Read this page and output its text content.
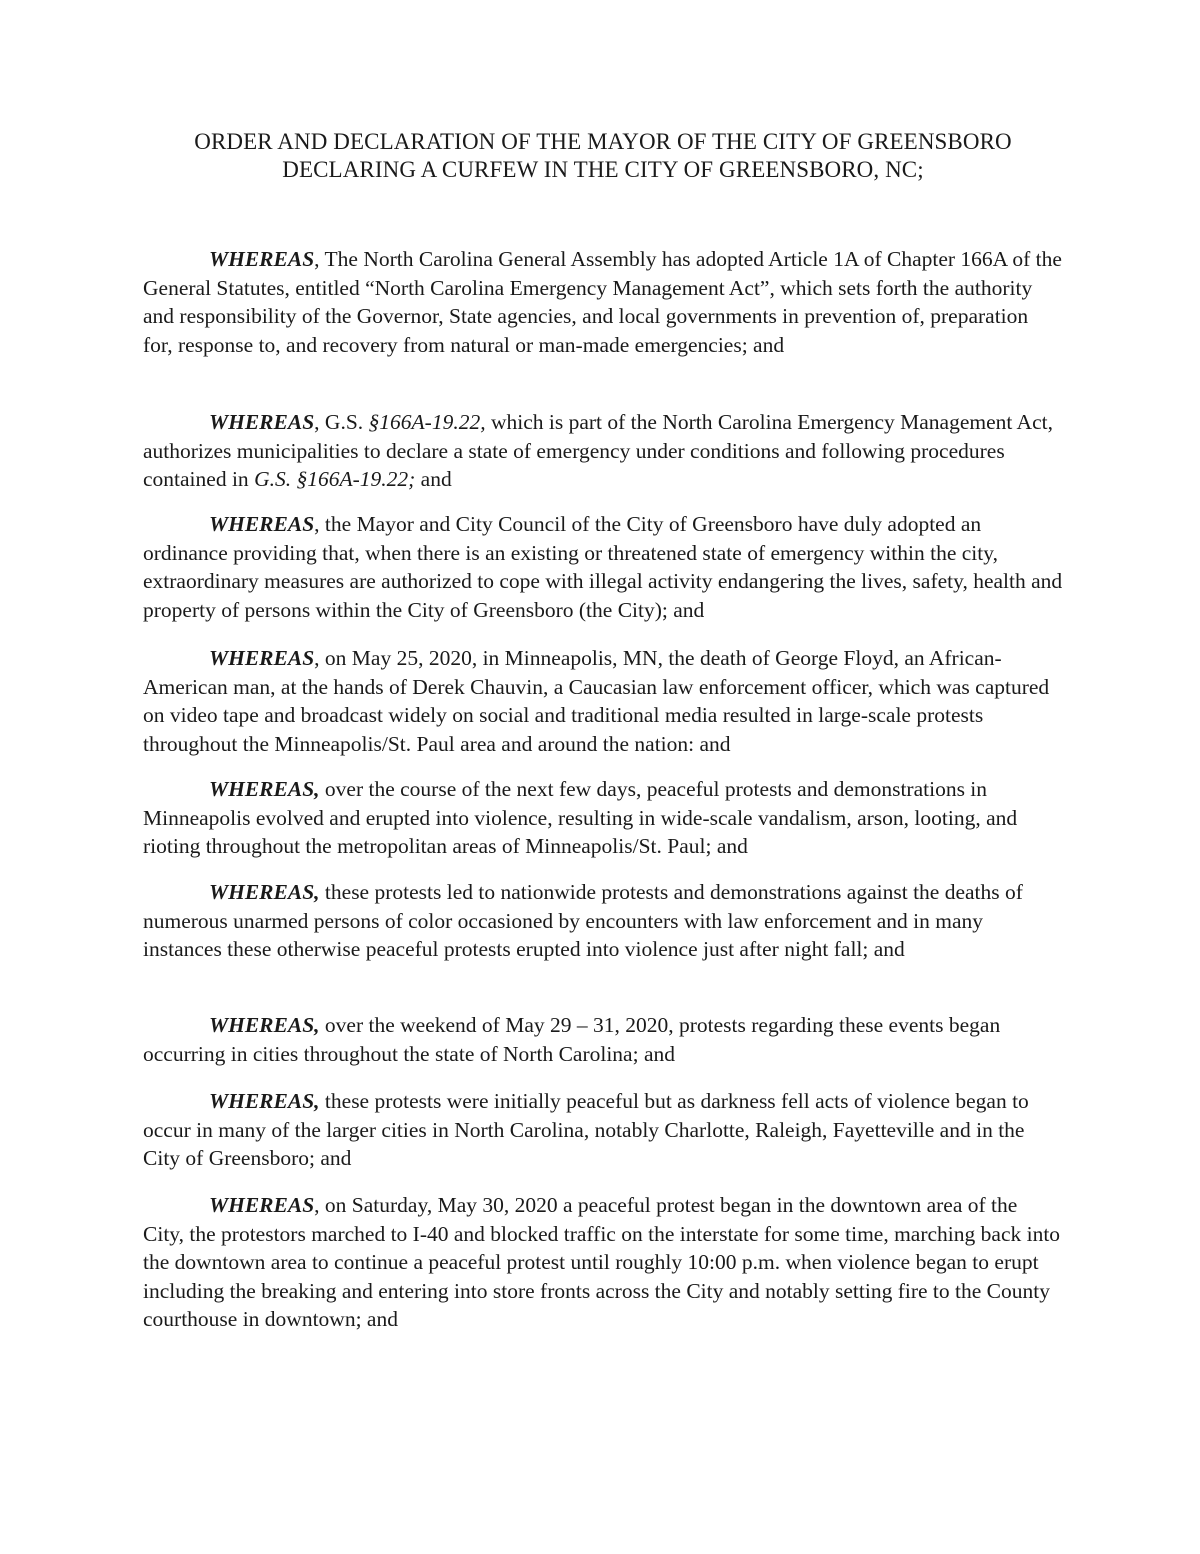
ORDER AND DECLARATION OF THE MAYOR OF THE CITY OF GREENSBORO
DECLARING A CURFEW IN THE CITY OF GREENSBORO, NC;

WHEREAS, The North Carolina General Assembly has adopted Article 1A of Chapter 166A of the General Statutes, entitled “North Carolina Emergency Management Act”, which sets forth the authority and responsibility of the Governor, State agencies, and local governments in prevention of, preparation for, response to, and recovery from natural or man-made emergencies; and

WHEREAS, G.S. §166A-19.22, which is part of the North Carolina Emergency Management Act, authorizes municipalities to declare a state of emergency under conditions and following procedures contained in G.S. §166A-19.22; and

WHEREAS, the Mayor and City Council of the City of Greensboro have duly adopted an ordinance providing that, when there is an existing or threatened state of emergency within the city, extraordinary measures are authorized to cope with illegal activity endangering the lives, safety, health and property of persons within the City of Greensboro (the City); and

WHEREAS, on May 25, 2020, in Minneapolis, MN, the death of George Floyd, an African-American man, at the hands of Derek Chauvin, a Caucasian law enforcement officer, which was captured on video tape and broadcast widely on social and traditional media resulted in large-scale protests throughout the Minneapolis/St. Paul area and around the nation: and

WHEREAS, over the course of the next few days, peaceful protests and demonstrations in Minneapolis evolved and erupted into violence, resulting in wide-scale vandalism, arson, looting, and rioting throughout the metropolitan areas of Minneapolis/St. Paul; and

WHEREAS, these protests led to nationwide protests and demonstrations against the deaths of numerous unarmed persons of color occasioned by encounters with law enforcement and in many instances these otherwise peaceful protests erupted into violence just after night fall; and

WHEREAS, over the weekend of May 29 – 31, 2020, protests regarding these events began occurring in cities throughout the state of North Carolina; and

WHEREAS, these protests were initially peaceful but as darkness fell acts of violence began to occur in many of the larger cities in North Carolina, notably Charlotte, Raleigh, Fayetteville and in the City of Greensboro; and

WHEREAS, on Saturday, May 30, 2020 a peaceful protest began in the downtown area of the City, the protestors marched to I-40 and blocked traffic on the interstate for some time, marching back into the downtown area to continue a peaceful protest until roughly 10:00 p.m. when violence began to erupt including the breaking and entering into store fronts across the City and notably setting fire to the County courthouse in downtown; and
